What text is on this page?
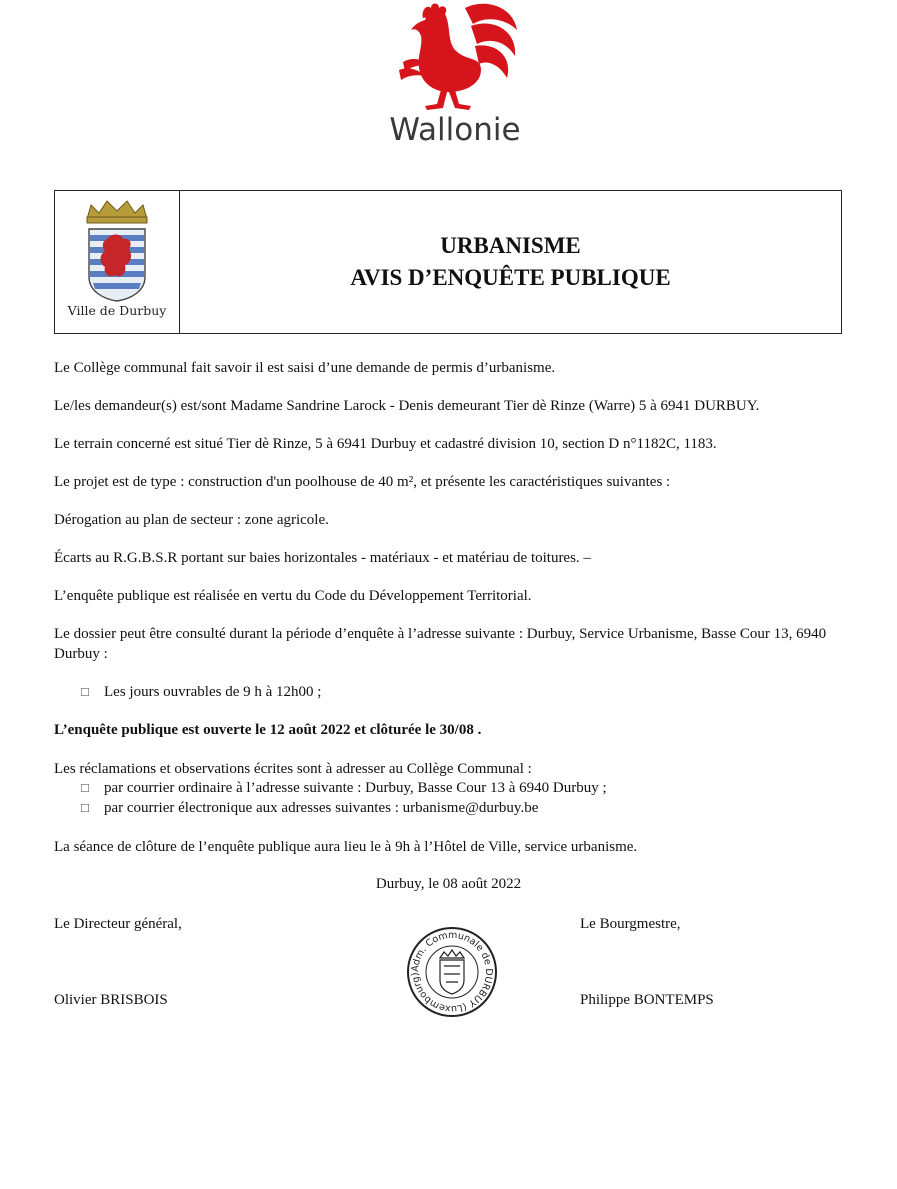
Wallonie
Ville de Durbuy
URBANISME
AVIS D’ENQUÊTE PUBLIQUE
Le Collège communal fait savoir il est saisi d’une demande de permis d’urbanisme.
Le/les demandeur(s) est/sont Madame Sandrine Larock - Denis demeurant Tier dè Rinze (Warre) 5 à 6941 DURBUY.
Le terrain concerné est situé Tier dè Rinze, 5 à 6941 Durbuy et cadastré division 10, section D n°1182C, 1183.
Le projet est de type : construction d'un poolhouse de 40 m², et présente les caractéristiques suivantes :
Dérogation au plan de secteur : zone agricole.
Écarts au R.G.B.S.R portant sur baies horizontales - matériaux - et matériau de toitures. –
L’enquête publique est réalisée en vertu du Code du Développement Territorial.
Le dossier peut être consulté durant la période d’enquête à l’adresse suivante : Durbuy, Service Urbanisme, Basse Cour 13, 6940 Durbuy :
☐ Les jours ouvrables de 9 h à 12h00 ;
L’enquête publique est ouverte le 12 août 2022 et clôturée le 30/08 .
Les réclamations et observations écrites sont à adresser au Collège Communal :
☐ par courrier ordinaire à l’adresse suivante : Durbuy, Basse Cour 13 à 6940 Durbuy ;
☐ par courrier électronique aux adresses suivantes : urbanisme@durbuy.be
La séance de clôture de l’enquête publique aura lieu le à 9h à l’Hôtel de Ville, service urbanisme.
Durbuy, le 08 août 2022
Le Directeur général,
Olivier BRISBOIS
Le Bourgmestre,
Philippe BONTEMPS
Adm. Communale de DURBUY (Luxembourg)
